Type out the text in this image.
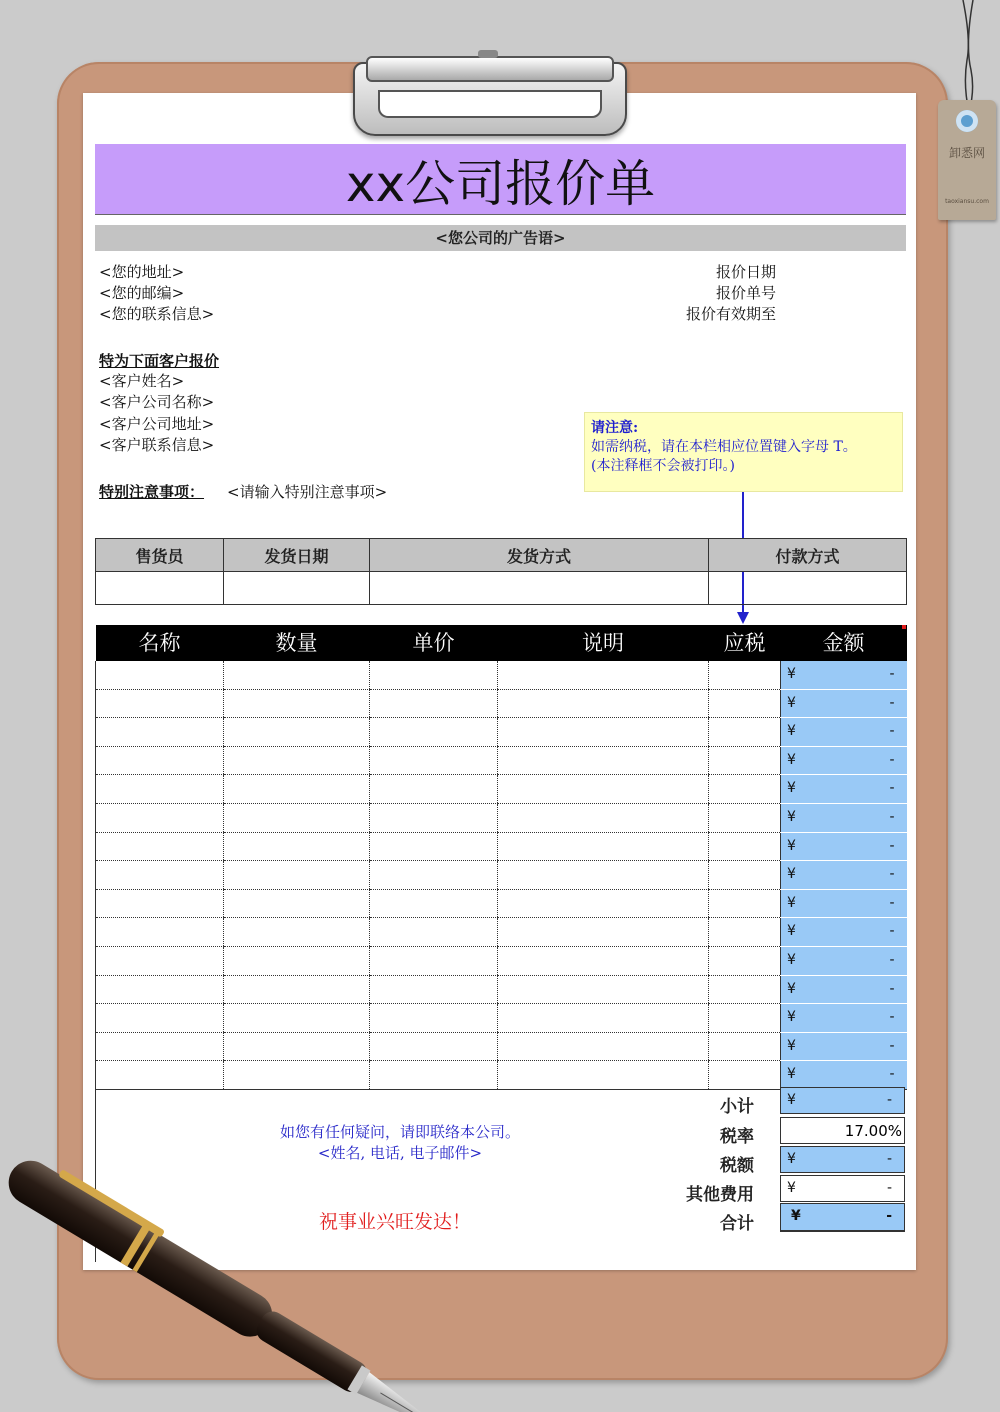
卸悉网
taoxiansu.com
xx公司报价单
<您公司的广告语>
<您的地址>
<您的邮编>
<您的联系信息>
报价日期
报价单号
报价有效期至
特为下面客户报价
<客户姓名>
<客户公司名称>
<客户公司地址>
<客户联系信息>
特别注意事项： <请输入特别注意事项>
请注意:
如需纳税，请在本栏相应位置键入字母 T。
(本注释框不会被打印。)
售货员	发货日期	发货方式	付款方式

名称	数量	单价	说明	应税	金额

					¥ -

					¥ -

					¥ -

					¥ -

					¥ -

					¥ -

					¥ -

					¥ -

					¥ -

					¥ -

					¥ -

					¥ -

					¥ -

					¥ -

					¥ -
如您有任何疑问，请即联络本公司。
<姓名, 电话, 电子邮件>
祝事业兴旺发达！
小计 ¥	-
税率	17.00%
税额 ¥	-
其他费用 ¥	-
合计	¥	-
